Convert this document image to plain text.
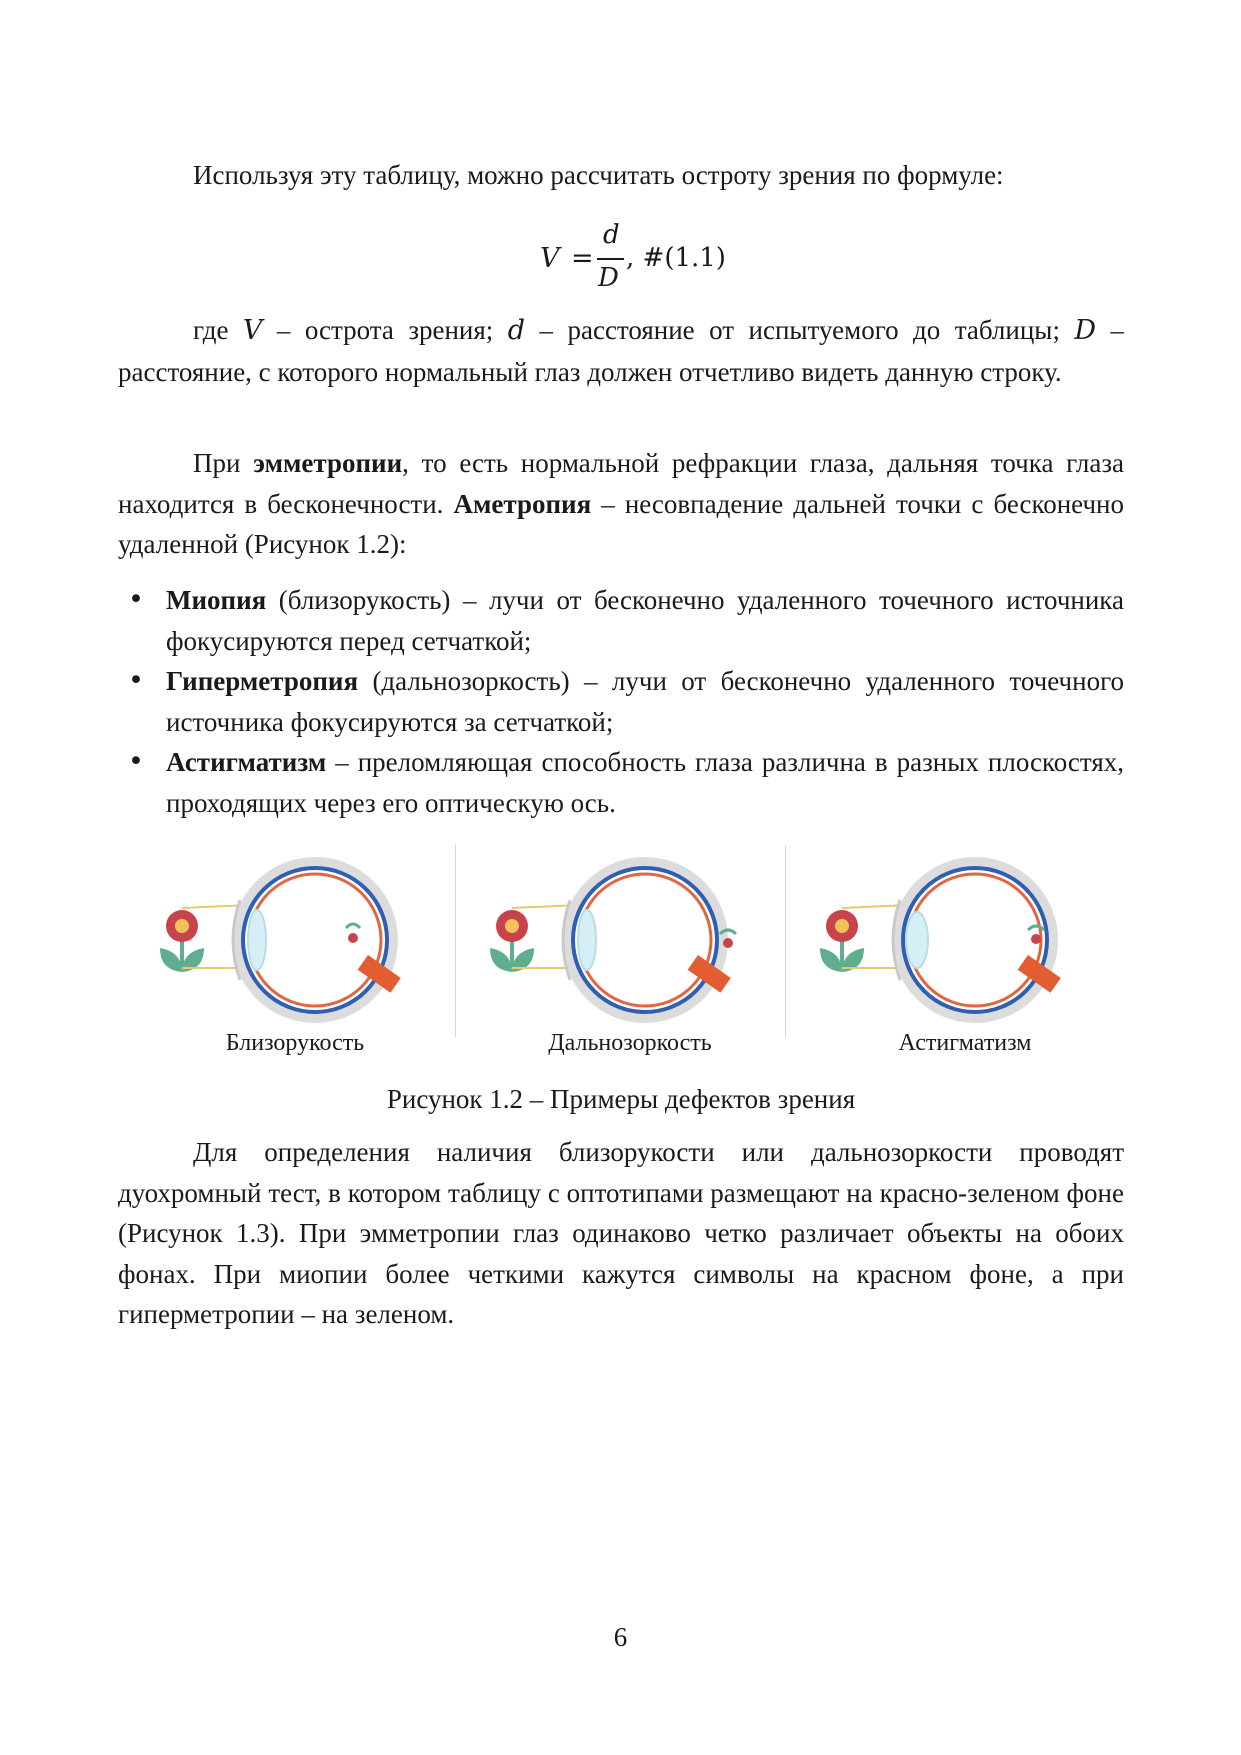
Используя эту таблицу, можно рассчитать остроту зрения по формуле:

V =
d
D
, #(1.1)

где V – острота зрения; d – расстояние от испытуемого до таблицы; D – расстояние, с которого нормальный глаз должен отчетливо видеть данную строку.

При эмметропии, то есть нормальной рефракции глаза, дальняя точка глаза находится в бесконечности. Аметропия – несовпадение дальней точки с бесконечно удаленной (Рисунок 1.2):

• Миопия (близорукость) – лучи от бесконечно удаленного точечного источника фокусируются перед сетчаткой;
• Гиперметропия (дальнозоркость) – лучи от бесконечно удаленного точечного источника фокусируются за сетчаткой;
• Астигматизм – преломляющая способность глаза различна в разных плоскостях, проходящих через его оптическую ось.
Близорукость	Дальнозоркость	Астигматизм

Рисунок 1.2 – Примеры дефектов зрения

Для определения наличия близорукости или дальнозоркости проводят дуохромный тест, в котором таблицу с оптотипами размещают на красно-зеленом фоне (Рисунок 1.3). При эмметропии глаз одинаково четко различает объекты на обоих фонах. При миопии более четкими кажутся символы на красном фоне, а при гиперметропии – на зеленом.

6
